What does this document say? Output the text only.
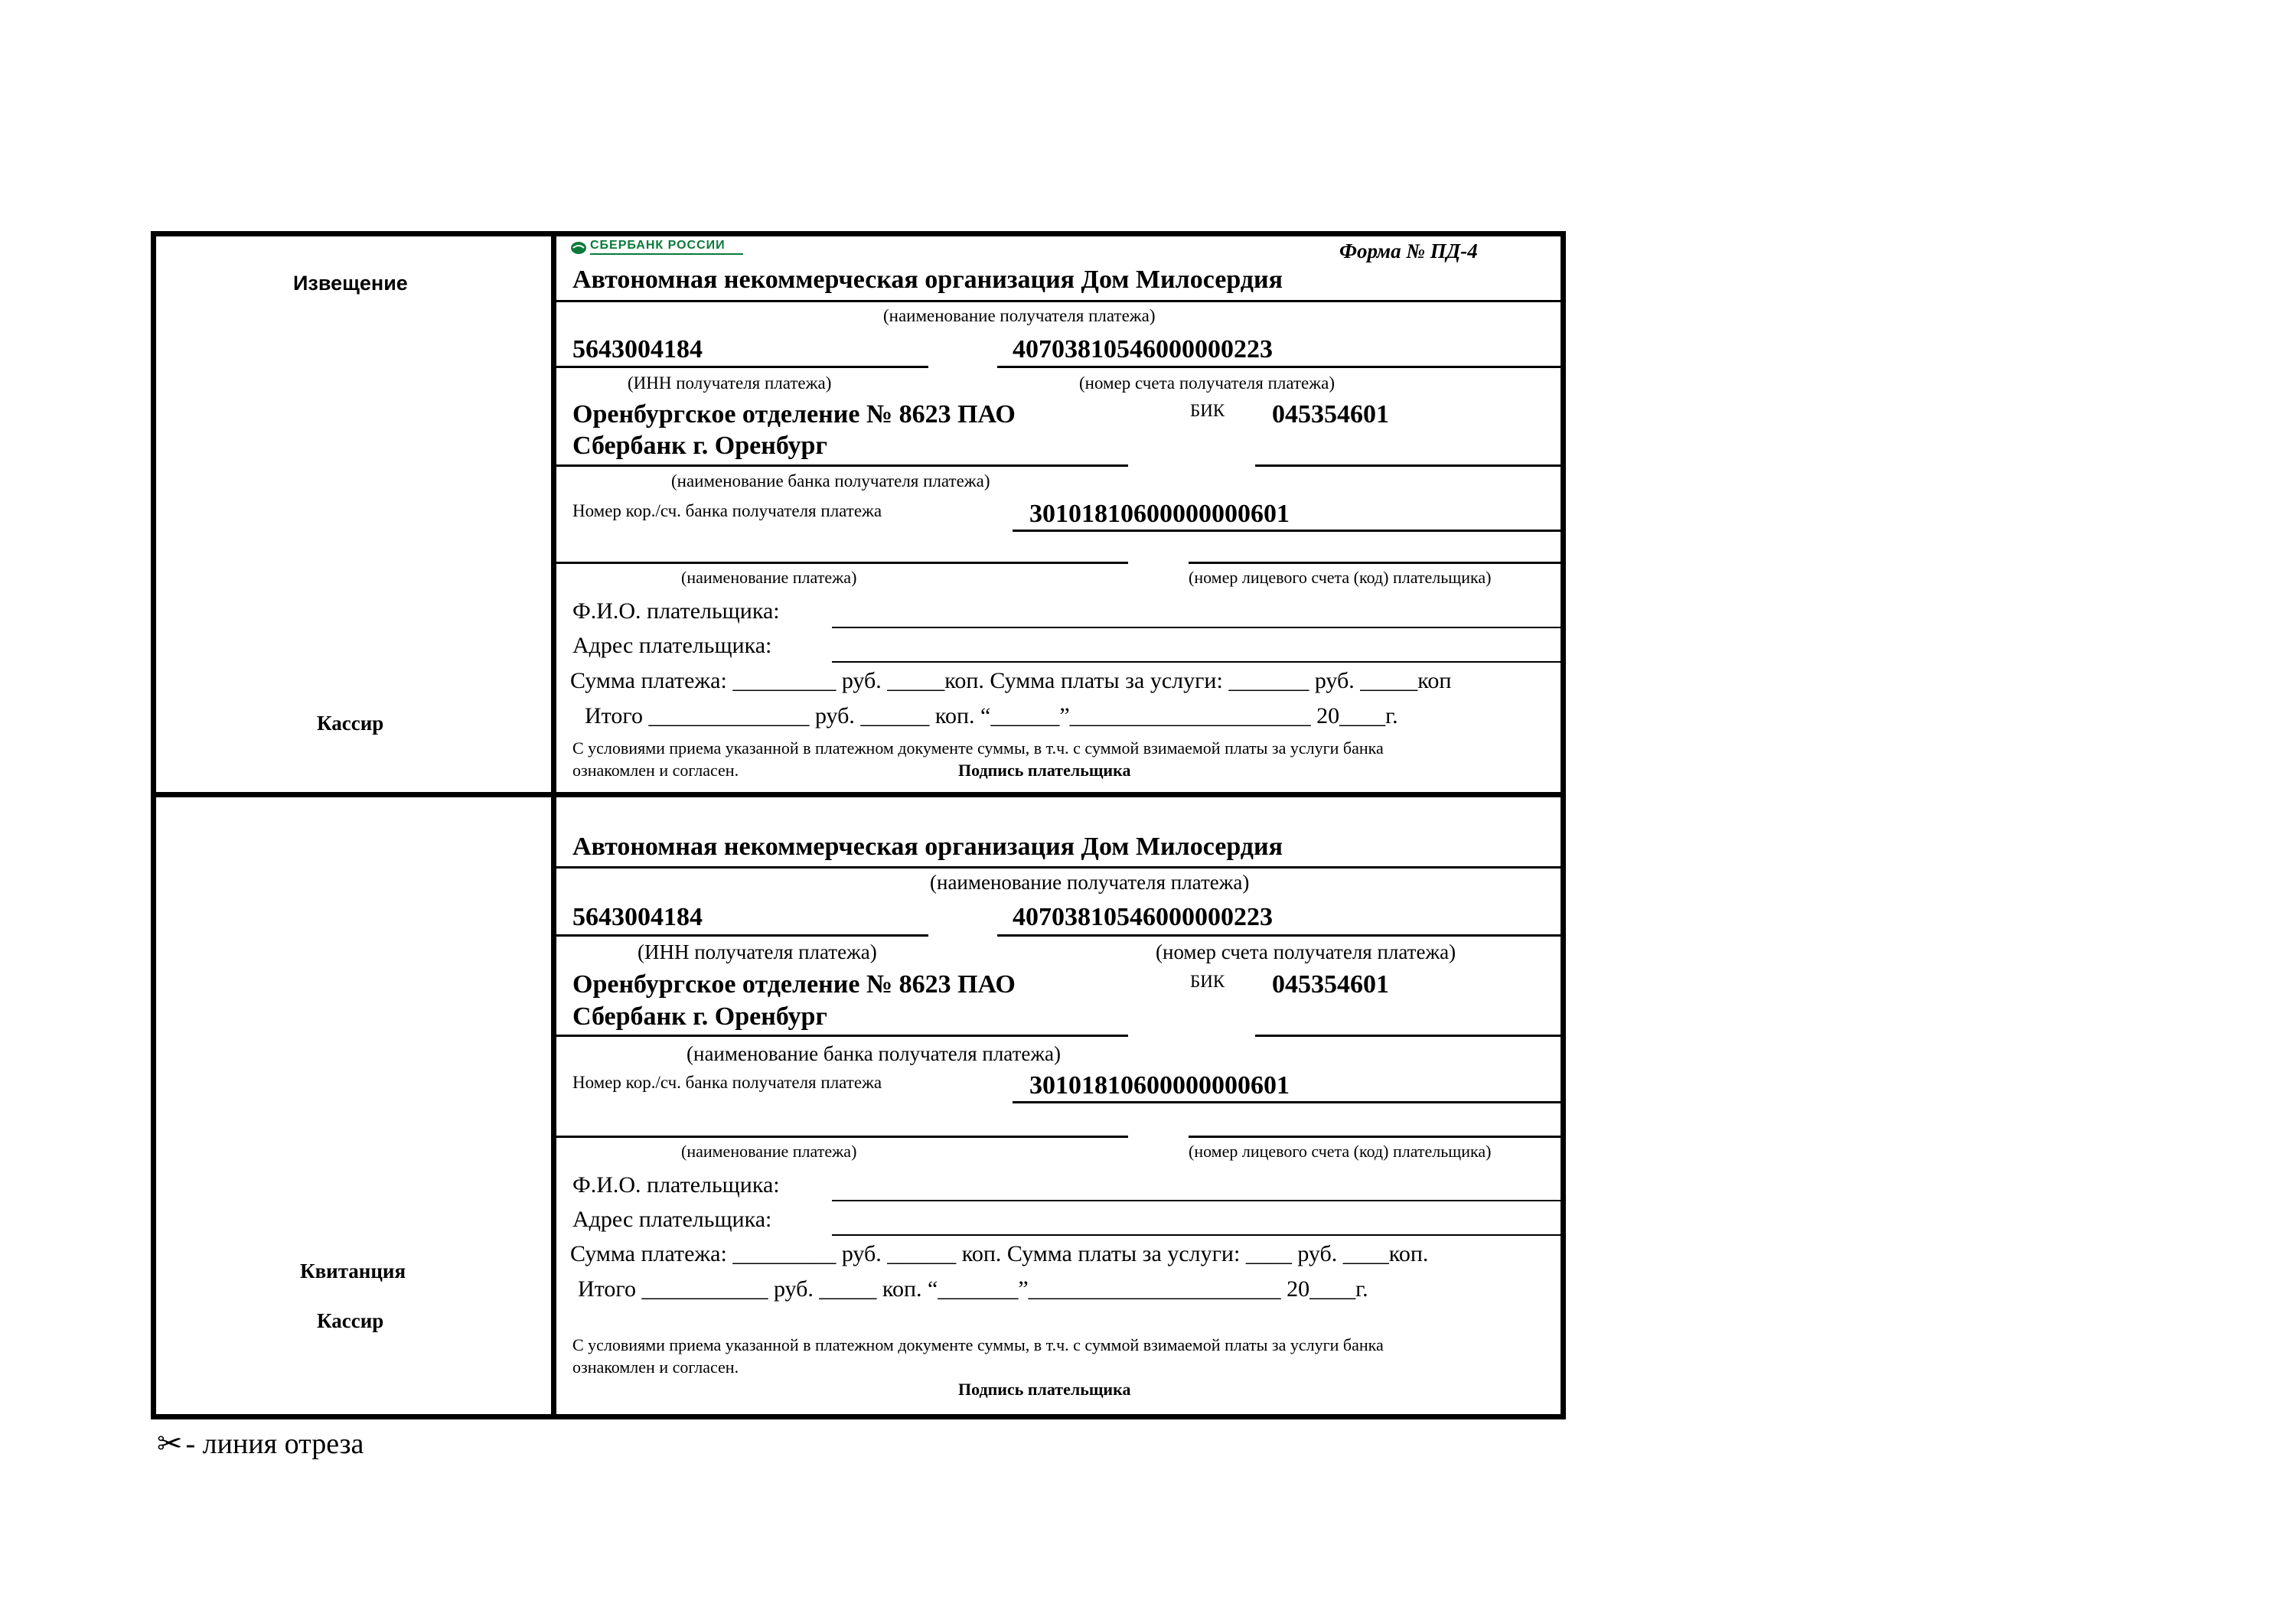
Извещение
Кассир
СБЕРБАНК РОССИИ	Форма № ПД-4
Автономная некоммерческая организация Дом Милосердия
(наименование получателя платежа)
5643004184	40703810546000000223
(ИНН получателя платежа)	(номер счета получателя платежа)
Оренбургское отделение № 8623 ПАО
Сбербанк г. Оренбург
БИК 045354601
(наименование банка получателя платежа)
Номер кор./сч. банка получателя платежа	30101810600000000601
(наименование платежа)	(номер лицевого счета (код) плательщика)
Ф.И.О. плательщика:
Адрес плательщика:
Сумма платежа: _________ руб. _____коп. Сумма платы за услуги: _______ руб. _____коп
Итого ______________ руб. ______ коп. “______”_____________________ 20____г.
С условиями приема указанной в платежном документе суммы, в т.ч. с суммой взимаемой платы за услуги банка
ознакомлен и согласен.	Подпись плательщика
Квитанция
Кассир
Автономная некоммерческая организация Дом Милосердия
(наименование получателя платежа)
5643004184	40703810546000000223
(ИНН получателя платежа)	(номер счета получателя платежа)
Оренбургское отделение № 8623 ПАО
Сбербанк г. Оренбург
БИК 045354601
(наименование банка получателя платежа)
Номер кор./сч. банка получателя платежа	30101810600000000601
(наименование платежа)	(номер лицевого счета (код) плательщика)
Ф.И.О. плательщика:
Адрес плательщика:
Сумма платежа: _________ руб. ______ коп. Сумма платы за услуги: ____ руб. ____коп.
Итого ___________ руб. _____ коп. “_______”______________________ 20____г.
С условиями приема указанной в платежном документе суммы, в т.ч. с суммой взимаемой платы за услуги банка
ознакомлен и согласен.
Подпись плательщика
✂ - линия отреза
